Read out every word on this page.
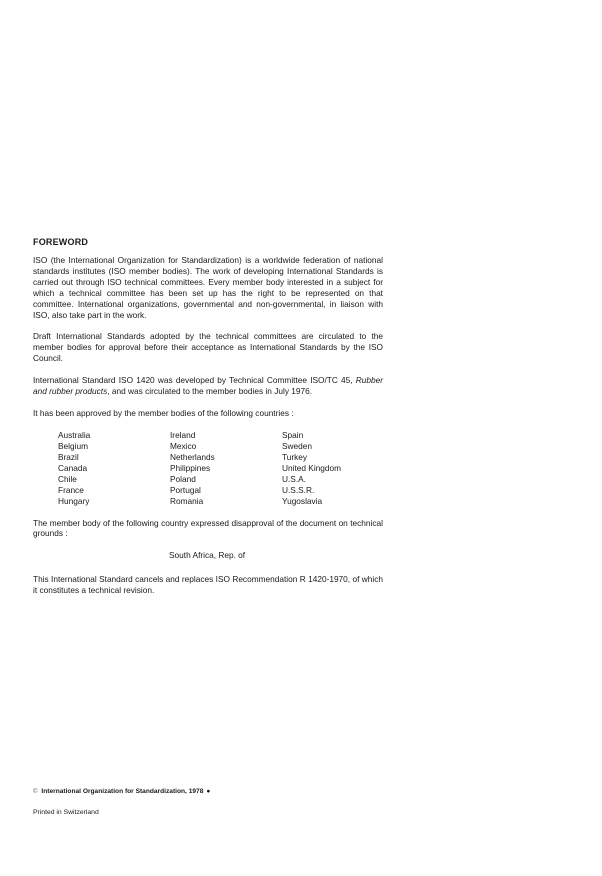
FOREWORD

ISO (the International Organization for Standardization) is a worldwide federation of national standards institutes (ISO member bodies). The work of developing International Standards is carried out through ISO technical committees. Every member body interested in a subject for which a technical committee has been set up has the right to be represented on that committee. International organizations, governmental and non-governmental, in liaison with ISO, also take part in the work.

Draft International Standards adopted by the technical committees are circulated to the member bodies for approval before their acceptance as International Standards by the ISO Council.

International Standard ISO 1420 was developed by Technical Committee ISO/TC 45, Rubber and rubber products, and was circulated to the member bodies in July 1976.

It has been approved by the member bodies of the following countries :

Australia
Belgium
Brazil
Canada
Chile
France
Hungary
Ireland
Mexico
Netherlands
Philippines
Poland
Portugal
Romania
Spain
Sweden
Turkey
United Kingdom
U.S.A.
U.S.S.R.
Yugoslavia

The member body of the following country expressed disapproval of the document on technical grounds :

South Africa, Rep. of

This International Standard cancels and replaces ISO Recommendation R 1420-1970, of which it constitutes a technical revision.

© International Organization for Standardization, 1978 ●
Printed in Switzerland
